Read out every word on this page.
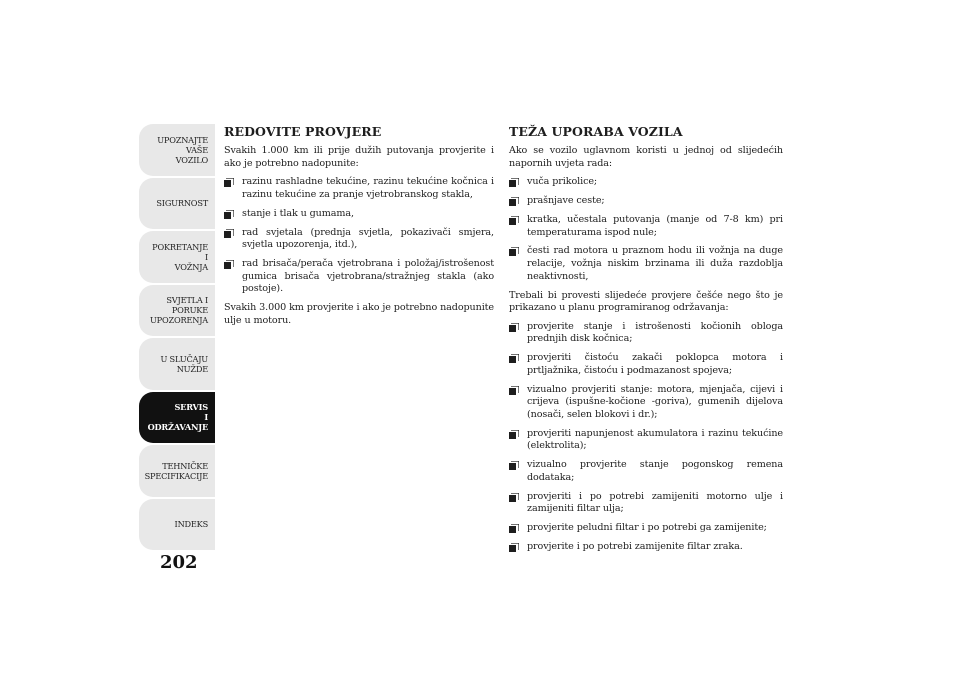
UPOZNAJTE
VAŠE
VOZILO
SIGURNOST
POKRETANJE
I
VOŽNJA
SVJETLA I
PORUKE
UPOZORENJA
U SLUČAJU
NUŽDE
SERVIS
I
ODRŽAVANJE
TEHNIČKE
SPECIFIKACIJE
INDEKS
202
REDOVITE PROVJERE

Svakih 1.000 km ili prije dužih putovanja provjerite i ako je potrebno nadopunite:

razinu rashladne tekućine, razinu tekućine kočnica i razinu tekućine za pranje vjetrobranskog stakla,
stanje i tlak u gumama,
rad svjetala (prednja svjetla, pokazivači smjera, svjetla upozorenja, itd.),
rad brisača/perača vjetrobrana i položaj/istrošenost gumica brisača vjetrobrana/stražnjeg stakla (ako postoje).

Svakih 3.000 km provjerite i ako je potrebno nadopunite ulje u motoru.

TEŽA UPORABA VOZILA

Ako se vozilo uglavnom koristi u jednoj od slijedećih napornih uvjeta rada:

vuča prikolice;
prašnjave ceste;
kratka, učestala putovanja (manje od 7-8 km) pri temperaturama ispod nule;
česti rad motora u praznom hodu ili vožnja na duge relacije, vožnja niskim brzinama ili duža razdoblja neaktivnosti,

Trebali bi provesti slijedeće provjere češće nego što je prikazano u planu programiranog održavanja:

provjerite stanje i istrošenosti kočionih obloga prednjih disk kočnica;
provjeriti čistoću zakači poklopca motora i prtljažnika, čistoću i podmazanost spojeva;
vizualno provjeriti stanje: motora, mjenjača, cijevi i crijeva (ispušne-kočione -goriva), gumenih dijelova (nosači, selen blokovi i dr.);
provjeriti napunjenost akumulatora i razinu tekućine (elektrolita);
vizualno provjerite stanje pogonskog remena dodataka;
provjeriti i po potrebi zamijeniti motorno ulje i zamijeniti filtar ulja;
provjerite peludni filtar i po potrebi ga zamijenite;
provjerite i po potrebi zamijenite filtar zraka.
